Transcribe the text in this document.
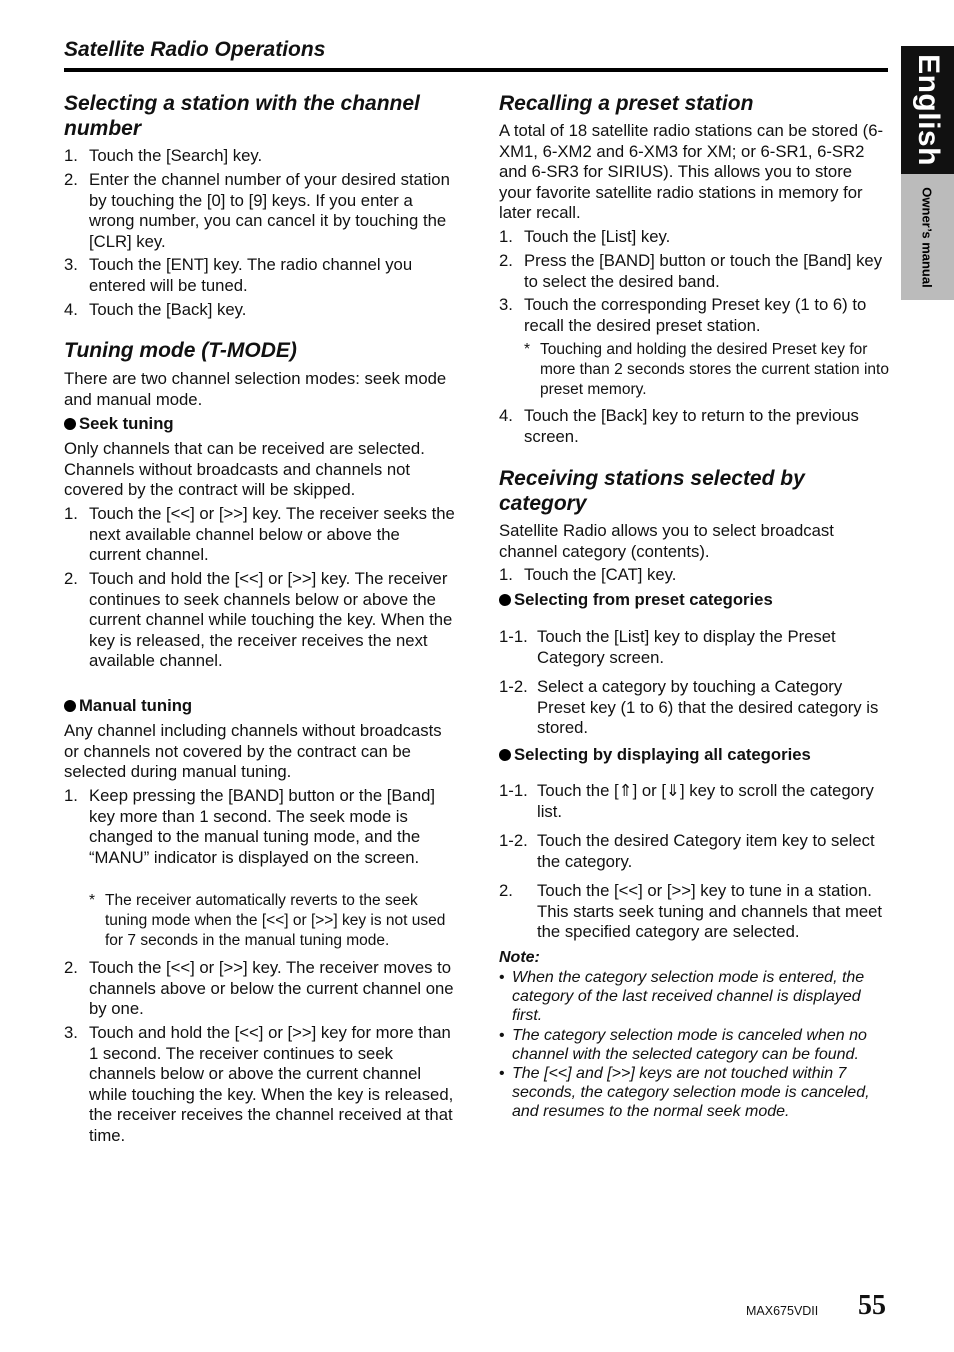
Satellite Radio Operations
English
Owner’s manual
Selecting a station with the channel number
1. Touch the [Search] key.
2. Enter the channel number of your desired station by touching the [0] to [9] keys. If you enter a wrong number, you can cancel it by touching the [CLR] key.
3. Touch the [ENT] key. The radio channel you entered will be tuned.
4. Touch the [Back] key.
Tuning mode (T-MODE)

There are two channel selection modes: seek mode and manual mode.

Seek tuning

Only channels that can be received are selected. Channels without broadcasts and channels not covered by the contract will be skipped.

1. Touch the [<<] or [>>] key. The receiver seeks the next available channel below or above the current channel.
2. Touch and hold the [<<] or [>>] key. The receiver continues to seek channels below or above the current channel while touching the key. When the key is released, the receiver receives the next available channel.
Manual tuning

Any channel including channels without broadcasts or channels not covered by the contract can be selected during manual tuning.

1. Keep pressing the [BAND] button or the [Band] key more than 1 second. The seek mode is changed to the manual tuning mode, and the “MANU” indicator is displayed on the screen.
* The receiver automatically reverts to the seek tuning mode when the [<<] or [>>] key is not used for 7 seconds in the manual tuning mode.
2. Touch the [<<] or [>>] key. The receiver moves to channels above or below the current channel one by one.
3. Touch and hold the [<<] or [>>] key for more than 1 second. The receiver continues to seek channels below or above the current channel while touching the key. When the key is released, the receiver receives the channel received at that time.
Recalling a preset station

A total of 18 satellite radio stations can be stored (6-XM1, 6-XM2 and 6-XM3 for XM; or 6-SR1, 6-SR2 and 6-SR3 for SIRIUS). This allows you to store your favorite satellite radio stations in memory for later recall.

1. Touch the [List] key.
2. Press the [BAND] button or touch the [Band] key to select the desired band.
3. Touch the corresponding Preset key (1 to 6) to recall the desired preset station.
* Touching and holding the desired Preset key for more than 2 seconds stores the current station into preset memory.
4. Touch the [Back] key to return to the previous screen.
Receiving stations selected by category

Satellite Radio allows you to select broadcast channel category (contents).

1. Touch the [CAT] key.
Selecting from preset categories
1-1. Touch the [List] key to display the Preset Category screen.
1-2. Select a category by touching a Category Preset key (1 to 6) that the desired category is stored.
Selecting by displaying all categories
1-1. Touch the [⇑] or [⇓] key to scroll the category list.
1-2. Touch the desired Category item key to select the category.
2. Touch the [<<] or [>>] key to tune in a station. This starts seek tuning and channels that meet the specified category are selected.
Note:
• When the category selection mode is entered, the category of the last received channel is displayed first.
• The category selection mode is canceled when no channel with the selected category can be found.
• The [<<] and [>>] keys are not touched within 7 seconds, the category selection mode is canceled, and resumes to the normal seek mode.
MAX675VDII 55
